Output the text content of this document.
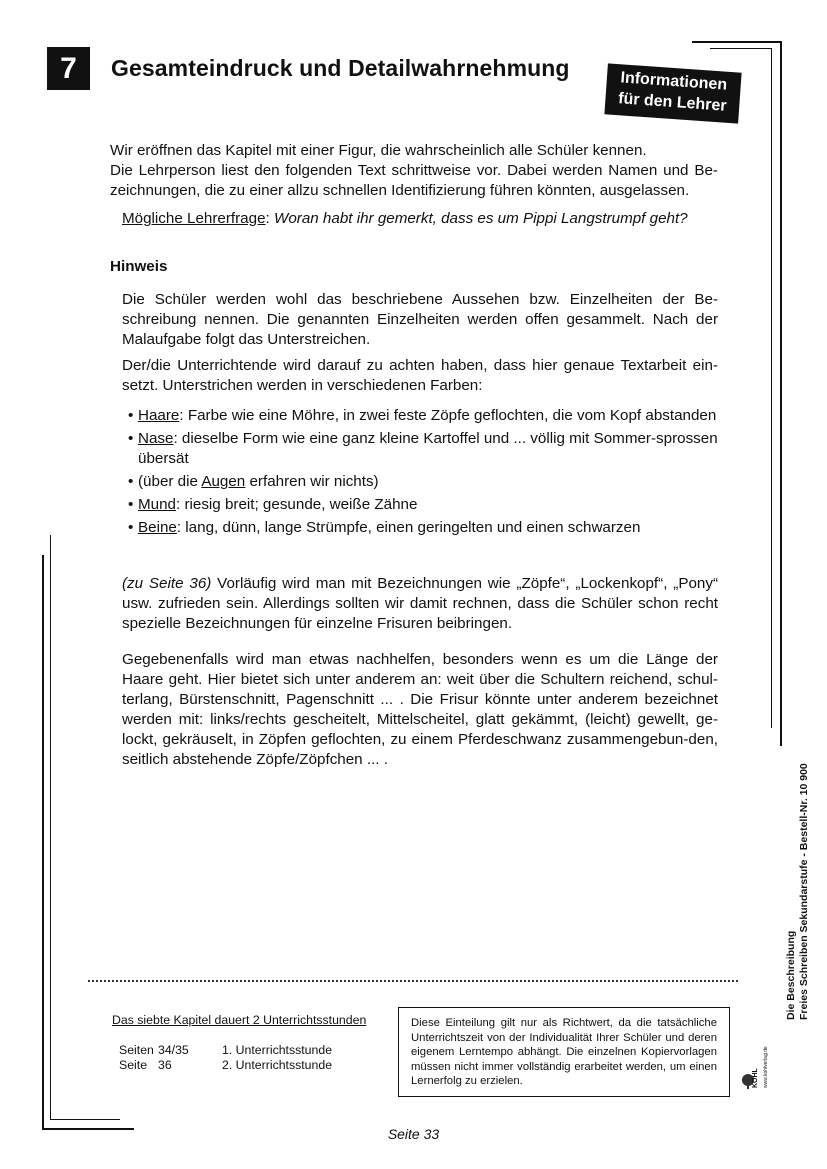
7	Gesamteindruck und Detailwahrnehmung
Informationen
für den Lehrer

Wir eröffnen das Kapitel mit einer Figur, die wahrscheinlich alle Schüler kennen.

Die Lehrperson liest den folgenden Text schrittweise vor. Dabei werden Namen und Be-zeichnungen, die zu einer allzu schnellen Identifizierung führen könnten, ausgelassen.

Mögliche Lehrerfrage: Woran habt ihr gemerkt, dass es um Pippi Langstrumpf geht?
Hinweis

Die Schüler werden wohl das beschriebene Aussehen bzw. Einzelheiten der Be-schreibung nennen. Die genannten Einzelheiten werden offen gesammelt. Nach der Malaufgabe folgt das Unterstreichen.

Der/die Unterrichtende wird darauf zu achten haben, dass hier genaue Textarbeit ein-setzt. Unterstrichen werden in verschiedenen Farben:

• Haare: Farbe wie eine Möhre, in zwei feste Zöpfe geflochten, die vom Kopf abstanden
• Nase: dieselbe Form wie eine ganz kleine Kartoffel und ... völlig mit Sommer-sprossen übersät
• (über die Augen erfahren wir nichts)
• Mund: riesig breit; gesunde, weiße Zähne
• Beine: lang, dünn, lange Strümpfe, einen geringelten und einen schwarzen

(zu Seite 36) Vorläufig wird man mit Bezeichnungen wie „Zöpfe“, „Lockenkopf“, „Pony“ usw. zufrieden sein. Allerdings sollten wir damit rechnen, dass die Schüler schon recht spezielle Bezeichnungen für einzelne Frisuren beibringen.

Gegebenenfalls wird man etwas nachhelfen, besonders wenn es um die Länge der Haare geht. Hier bietet sich unter anderem an: weit über die Schultern reichend, schul-terlang, Bürstenschnitt, Pagenschnitt ... . Die Frisur könnte unter anderem bezeichnet werden mit: links/rechts gescheitelt, Mittelscheitel, glatt gekämmt, (leicht) gewellt, ge-lockt, gekräuselt, in Zöpfen geflochten, zu einem Pferdeschwanz zusammengebun-den, seitlich abstehende Zöpfe/Zöpfchen ... .

Das siebte Kapitel dauert 2 Unterrichtsstunden
Seiten 34/35	1. Unterrichtsstunde
Seite 36	2. Unterrichtsstunde
Diese Einteilung gilt nur als Richtwert, da die tatsächliche Unterrichtszeit von der Individualität Ihrer Schüler und deren eigenem Lerntempo abhängt. Die einzelnen Kopiervorlagen müssen nicht immer vollständig erarbeitet werden, um einen Lernerfolg zu erzielen.	KOHL www.kohlverlag.de
Die Beschreibung Freies Schreiben Sekundarstufe - Bestell-Nr. 10 900
Seite 33
